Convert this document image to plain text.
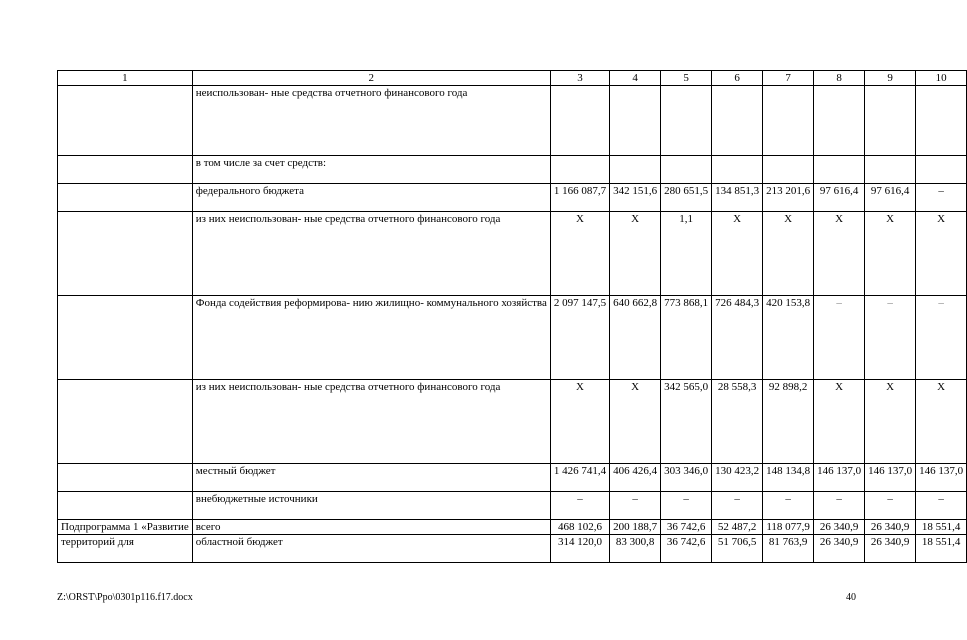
1	2	3	4	5	6	7	8	9	10
	неиспользован- ные средства отчетного финансового года								
	в том числе за счет средств:								
	федерального бюджета	1 166 087,7	342 151,6	280 651,5	134 851,3	213 201,6	97 616,4	97 616,4	–
	из них неиспользован- ные средства отчетного финансового года	Х	Х	1,1	Х	Х	Х	Х	Х
	Фонда содействия реформирова- нию жилищно- коммунального хозяйства	2 097 147,5	640 662,8	773 868,1	726 484,3	420 153,8	–	–	–
	из них неиспользован- ные средства отчетного финансового года	Х	Х	342 565,0	28 558,3	92 898,2	Х	Х	Х
	местный бюджет	1 426 741,4	406 426,4	303 346,0	130 423,2	148 134,8	146 137,0	146 137,0	146 137,0
	внебюджетные источники	–	–	–	–	–	–	–	–
Подпрограмма 1 «Развитие	всего	468 102,6	200 188,7	36 742,6	52 487,2	118 077,9	26 340,9	26 340,9	18 551,4
территорий для	областной бюджет	314 120,0	83 300,8	36 742,6	51 706,5	81 763,9	26 340,9	26 340,9	18 551,4
Z:\ORST\Ppo\0301p116.f17.docx	40
